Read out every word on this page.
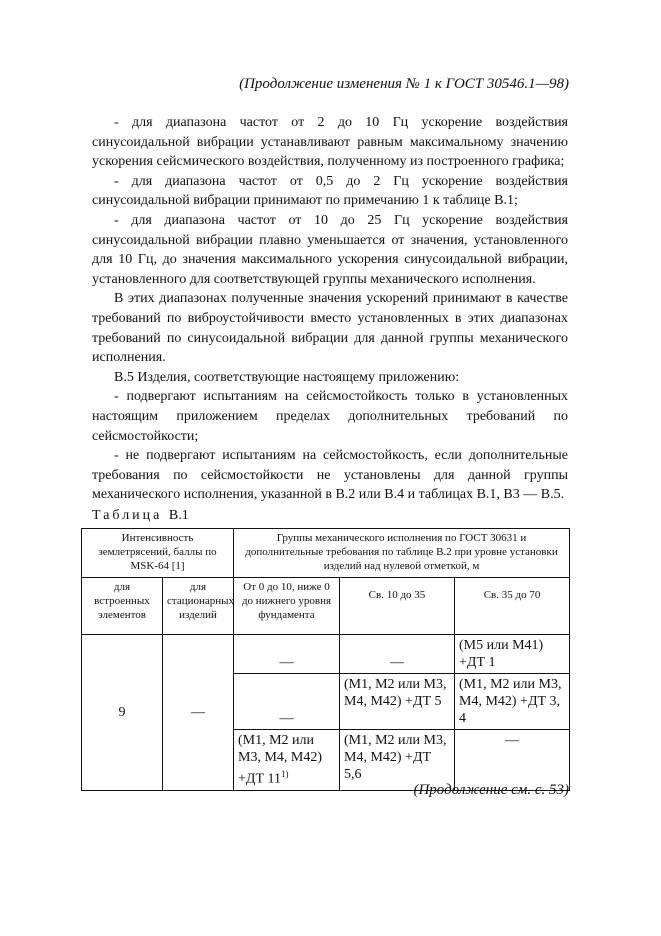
(Продолжение изменения № 1 к ГОСТ 30546.1—98)

- для диапазона частот от 2 до 10 Гц ускорение воздействия синусоидальной вибрации устанавливают равным максимальному значению ускорения сейсмического воздействия, полученному из построенного графика;

- для диапазона частот от 0,5 до 2 Гц ускорение воздействия синусоидальной вибрации принимают по примечанию 1 к таблице В.1;

- для диапазона частот от 10 до 25 Гц ускорение воздействия синусоидальной вибрации плавно уменьшается от значения, установленного для 10 Гц, до значения максимального ускорения синусоидальной вибрации, установленного для соответствующей группы механического исполнения.

В этих диапазонах полученные значения ускорений принимают в качестве требований по виброустойчивости вместо установленных в этих диапазонах требований по синусоидальной вибрации для данной группы механического исполнения.

В.5 Изделия, соответствующие настоящему приложению:

- подвергают испытаниям на сейсмостойкость только в установленных настоящим приложением пределах дополнительных требований по сейсмостойкости;

- не подвергают испытаниям на сейсмостойкость, если дополнительные требования по сейсмостойкости не установлены для данной группы механического исполнения, указанной в В.2 или В.4 и таблицах В.1, В3 — В.5.

Таблица В.1
Интенсивность землетрясений, баллы по MSK-64 [1]		Группы механического исполнения по ГОСТ 30631 и дополнительные требования по таблице В.2 при уровне установки изделий над нулевой отметкой, м		
для встроенных элементов	для стационарных изделий	От 0 до 10, ниже 0 до нижнего уровня фундамента	Св. 10 до 35	Св. 35 до 70
9	—	—	—	(М5 или М41) +ДТ 1
		—	(М1, М2 или М3, М4, М42) +ДТ 5	(М1, М2 или М3, М4, М42) +ДТ 3, 4
		(М1, М2 или М3, М4, М42) +ДТ 11$^{1)}$	(М1, М2 или М3, М4, М42) +ДТ 5,6	—
(Продолжение см. с. 53)
